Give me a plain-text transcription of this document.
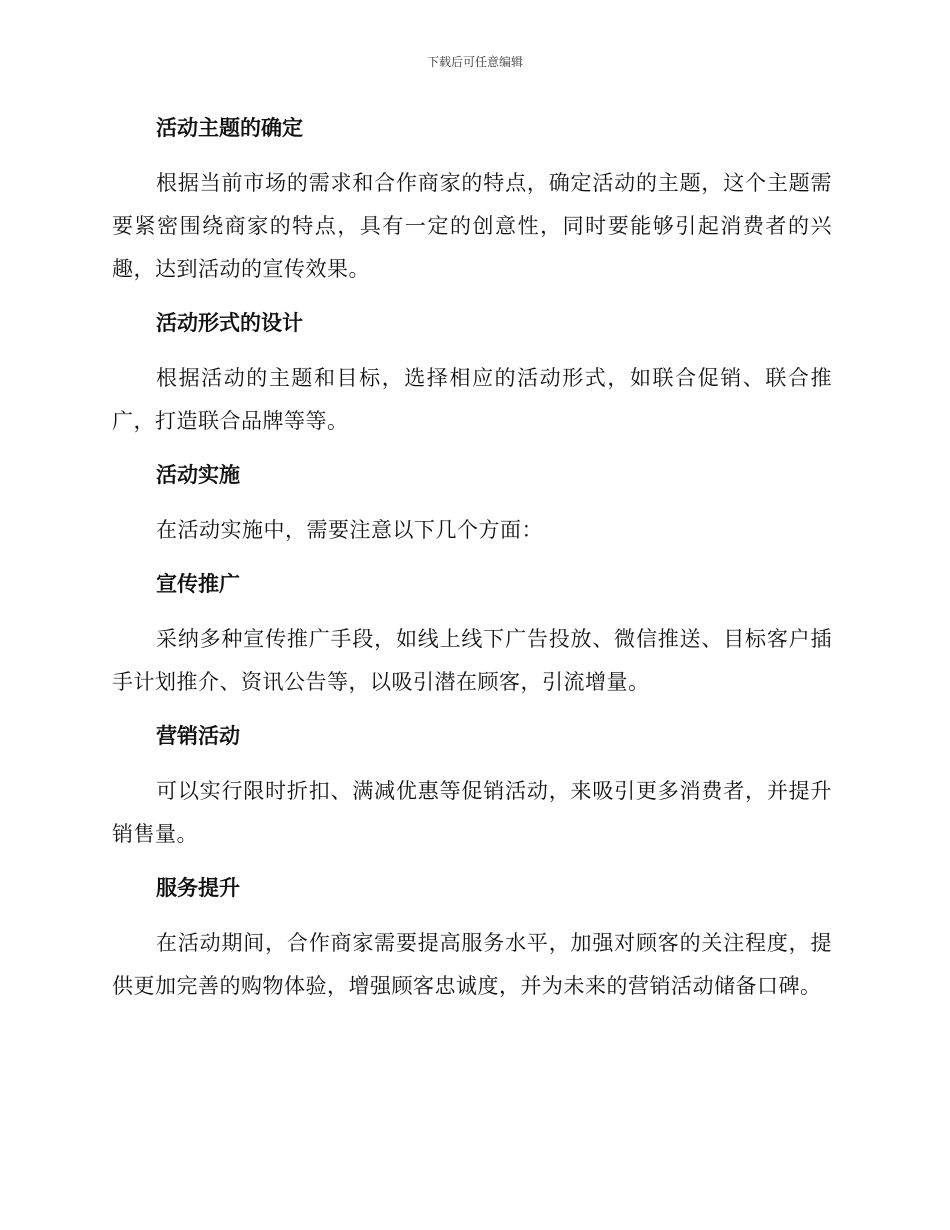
下载后可任意编辑
活动主题的确定

根据当前市场的需求和合作商家的特点，确定活动的主题，这个主题需要紧密围绕商家的特点，具有一定的创意性，同时要能够引起消费者的兴趣，达到活动的宣传效果。

活动形式的设计

根据活动的主题和目标，选择相应的活动形式，如联合促销、联合推广，打造联合品牌等等。

活动实施

在活动实施中，需要注意以下几个方面：

宣传推广

采纳多种宣传推广手段，如线上线下广告投放、微信推送、目标客户插手计划推介、资讯公告等，以吸引潜在顾客，引流增量。

营销活动

可以实行限时折扣、满减优惠等促销活动，来吸引更多消费者，并提升销售量。

服务提升

在活动期间，合作商家需要提高服务水平，加强对顾客的关注程度，提供更加完善的购物体验，增强顾客忠诚度，并为未来的营销活动储备口碑。
